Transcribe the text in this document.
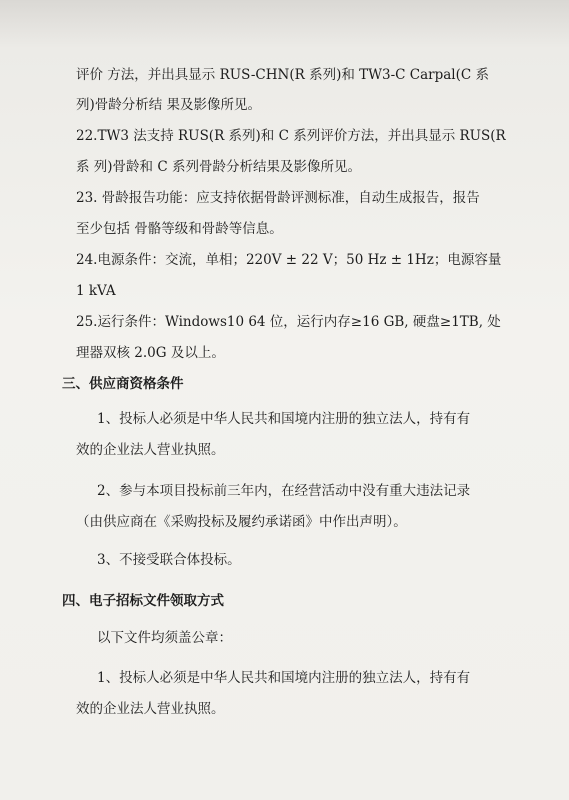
评价 方法，并出具显示 RUS-CHN(R 系列)和 TW3-C Carpal(C 系
列)骨龄分析结 果及影像所见。
22.TW3 法支持 RUS(R 系列)和 C 系列评价方法，并出具显示 RUS(R
系 列)骨龄和 C 系列骨龄分析结果及影像所见。
23. 骨龄报告功能：应支持依据骨龄评测标准，自动生成报告，报告
至少包括 骨骼等级和骨龄等信息。
24.电源条件：交流，单相；220V ± 22 V；50 Hz ± 1Hz；电源容量
1 kVA
25.运行条件：Windows10 64 位，运行内存≥16 GB, 硬盘≥1TB, 处
理器双核 2.0G 及以上。
三、供应商资格条件
1、投标人必须是中华人民共和国境内注册的独立法人，持有有
效的企业法人营业执照。
2、参与本项目投标前三年内，在经营活动中没有重大违法记录
（由供应商在《采购投标及履约承诺函》中作出声明）。
3、不接受联合体投标。
四、电子招标文件领取方式
以下文件均须盖公章：
1、投标人必须是中华人民共和国境内注册的独立法人，持有有
效的企业法人营业执照。
